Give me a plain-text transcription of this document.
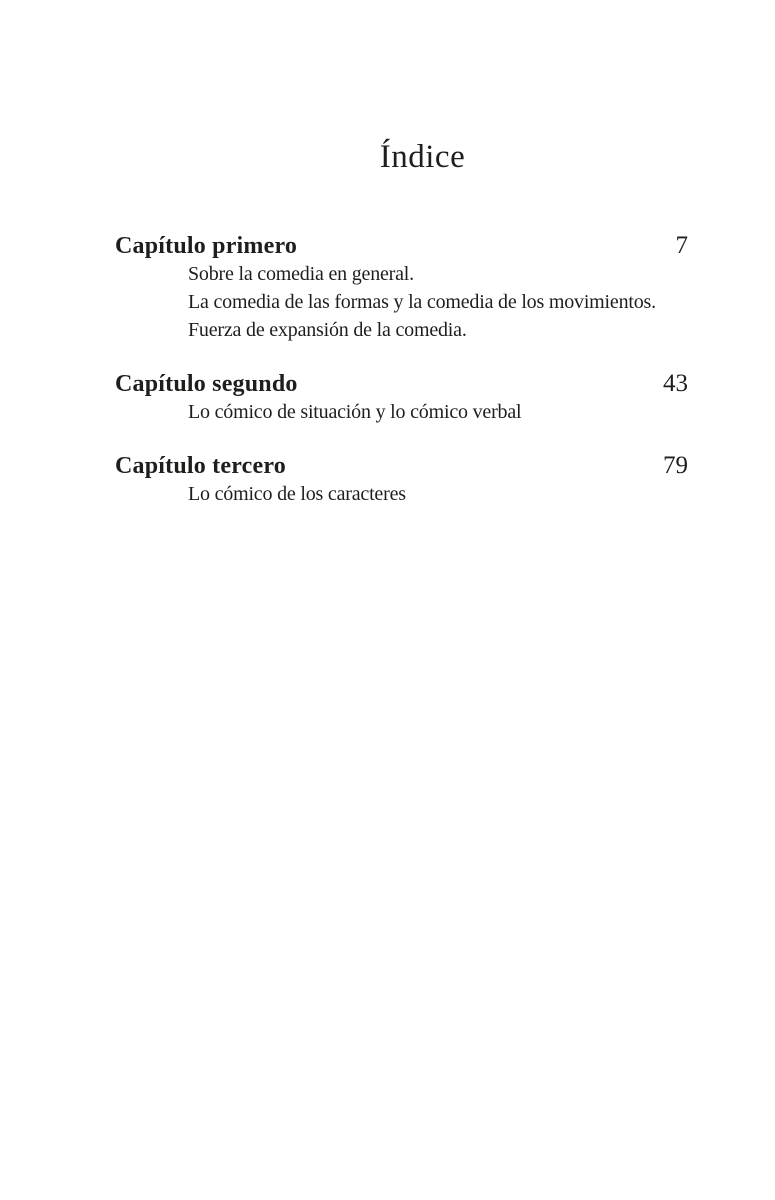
Índice
Capítulo primero	7
Sobre la comedia en general.
La comedia de las formas y la comedia de los movimientos.
Fuerza de expansión de la comedia.
Capítulo segundo	43
Lo cómico de situación y lo cómico verbal
Capítulo tercero	79
Lo cómico de los caracteres
